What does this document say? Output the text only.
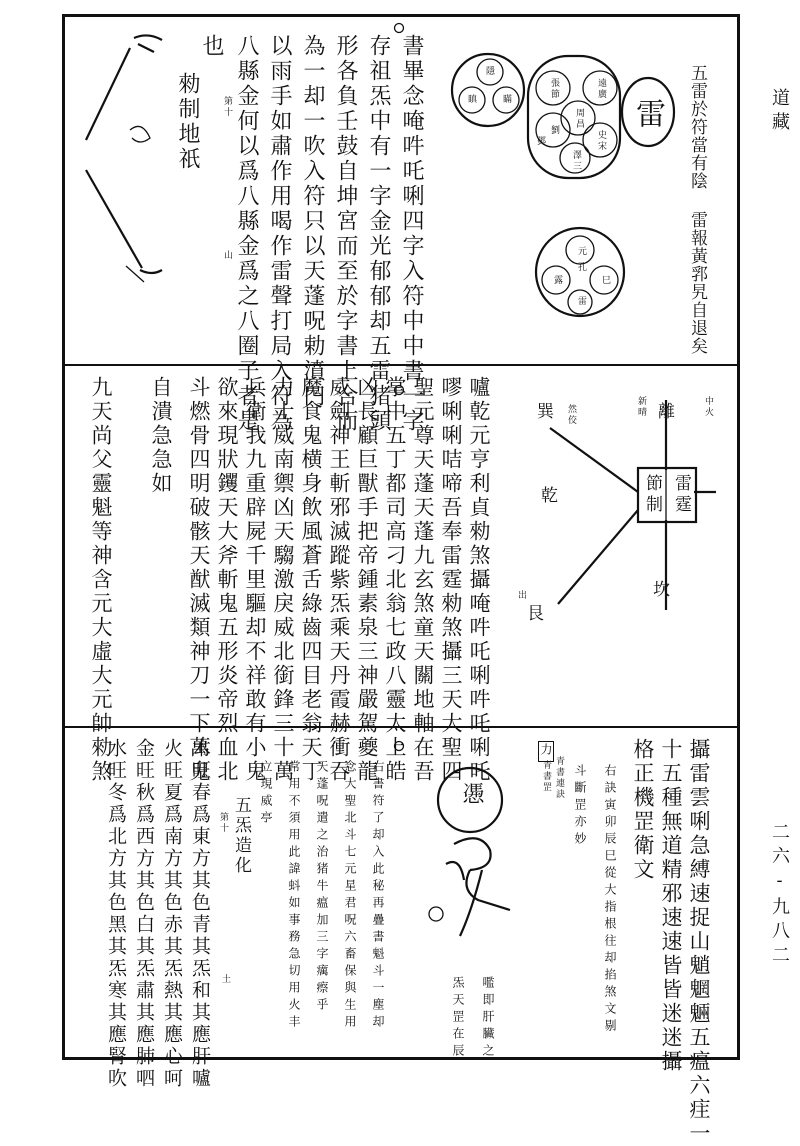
道藏
二六-九八二
五雷於符當有陰 雷報黃郛旯自退矣
雷
隱
瞋	瞞	張節
劉
遠廣
周昌
史宋
澤三
鄧
元
露	巳
雷
孔
書畢念唵吽吒唎四字入符中中書一字
存祖炁中有一字金光郁郁却五雷猪頭
形各負壬鼓自坤宮而至於字書上合而
為一却一吹入符只以天蓬呪勅濆冂
以雨手如肅作用喝作雷聲打局入符為
八縣金何以爲八縣金爲之八圈子者是
第十
山
也
勑制地祇
雷霆
節制
離
巽
乾
艮
坎
然佼	新晴	中火
出
嚧亁元亨利貞勑煞攝唵吽吒唎吽吒唎吒
嘐唎唎咭啼吾奉雷霆勑煞攝三天大聖四
聖元尊天蓬天蓬九玄煞童天關地軸在吾
掌中五丁都司高刁北翁七政八靈太上皓
凶長顧巨獸手把帝鍾素泉三神嚴駕夔龍
威劍神王斬邪滅蹤紫炁乘天丹霞赫衝吞
魔食鬼横身飲風蒼舌綠齒四目老翁天丁
力士威南禦凶天騶激戾威北銜鋒三十萬
兵衛我九重辟屍千里驅却不祥敢有小鬼
欲來現狀钁天大斧斬鬼五形炎帝烈血北
斗燃骨四明破骸天猷滅類神刀一下萬鬼
自潰急急如
九天尚父靈魁等神含元大虛大元帥勑煞
攝雷雲唎急縛速捉山魈魍魎五瘟六疰一
十五種無道精邪速速皆皆迷迷攝
格正機罡衛文
右訣寅卯辰巳從大指根往却掐煞文剔
斗斷罡亦妙
力
青書連訣
青書罡
慿
嚂即肝臟之
炁天罡在辰
右書符了却入此秘再疊書魁斗一塵却
念大聖北斗七元星君呪六畜保與生用
天蓬呪遣之治猪牛瘟加三字癘瘵乎
常用不須用此諱蚪如事務急切用火丰
立現威亭
五炁造化
第十
土
木旺春爲東方其色青其炁和其應肝嚧
火旺夏爲南方其色赤其炁熱其應心呵
金旺秋爲西方其色白其炁肅其應肺呬
水旺冬爲北方其色黑其炁寒其應腎吹
